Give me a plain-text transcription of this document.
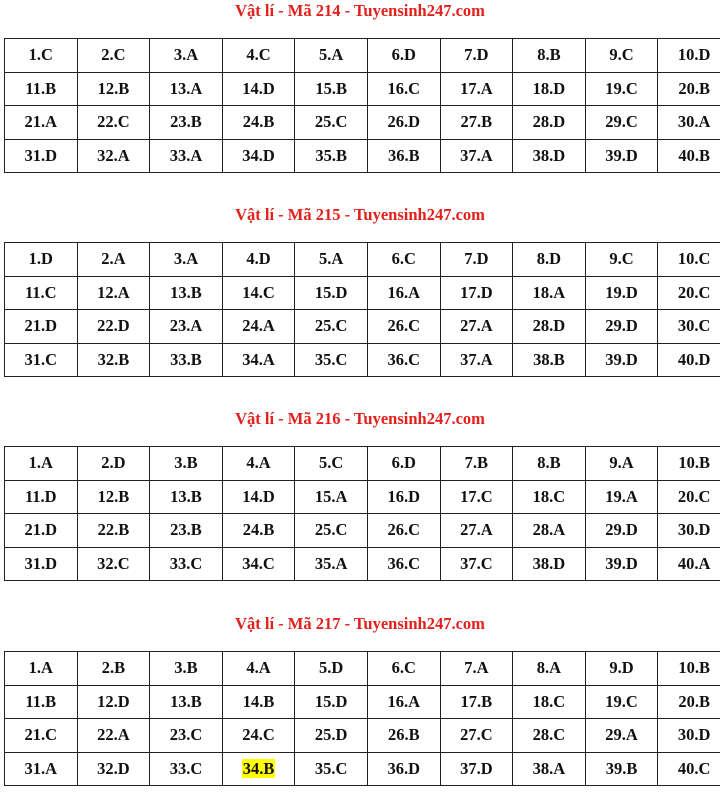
Vật lí - Mã 214 - Tuyensinh247.com
1.C	2.C	3.A	4.C	5.A	6.D	7.D	8.B	9.C	10.D
11.B	12.B	13.A	14.D	15.B	16.C	17.A	18.D	19.C	20.B
21.A	22.C	23.B	24.B	25.C	26.D	27.B	28.D	29.C	30.A
31.D	32.A	33.A	34.D	35.B	36.B	37.A	38.D	39.D	40.B
Vật lí - Mã 215 - Tuyensinh247.com
1.D	2.A	3.A	4.D	5.A	6.C	7.D	8.D	9.C	10.C
11.C	12.A	13.B	14.C	15.D	16.A	17.D	18.A	19.D	20.C
21.D	22.D	23.A	24.A	25.C	26.C	27.A	28.D	29.D	30.C
31.C	32.B	33.B	34.A	35.C	36.C	37.A	38.B	39.D	40.D
Vật lí - Mã 216 - Tuyensinh247.com
1.A	2.D	3.B	4.A	5.C	6.D	7.B	8.B	9.A	10.B
11.D	12.B	13.B	14.D	15.A	16.D	17.C	18.C	19.A	20.C
21.D	22.B	23.B	24.B	25.C	26.C	27.A	28.A	29.D	30.D
31.D	32.C	33.C	34.C	35.A	36.C	37.C	38.D	39.D	40.A
Vật lí - Mã 217 - Tuyensinh247.com
1.A	2.B	3.B	4.A	5.D	6.C	7.A	8.A	9.D	10.B
11.B	12.D	13.B	14.B	15.D	16.A	17.B	18.C	19.C	20.B
21.C	22.A	23.C	24.C	25.D	26.B	27.C	28.C	29.A	30.D
31.A	32.D	33.C	34.B	35.C	36.D	37.D	38.A	39.B	40.C
